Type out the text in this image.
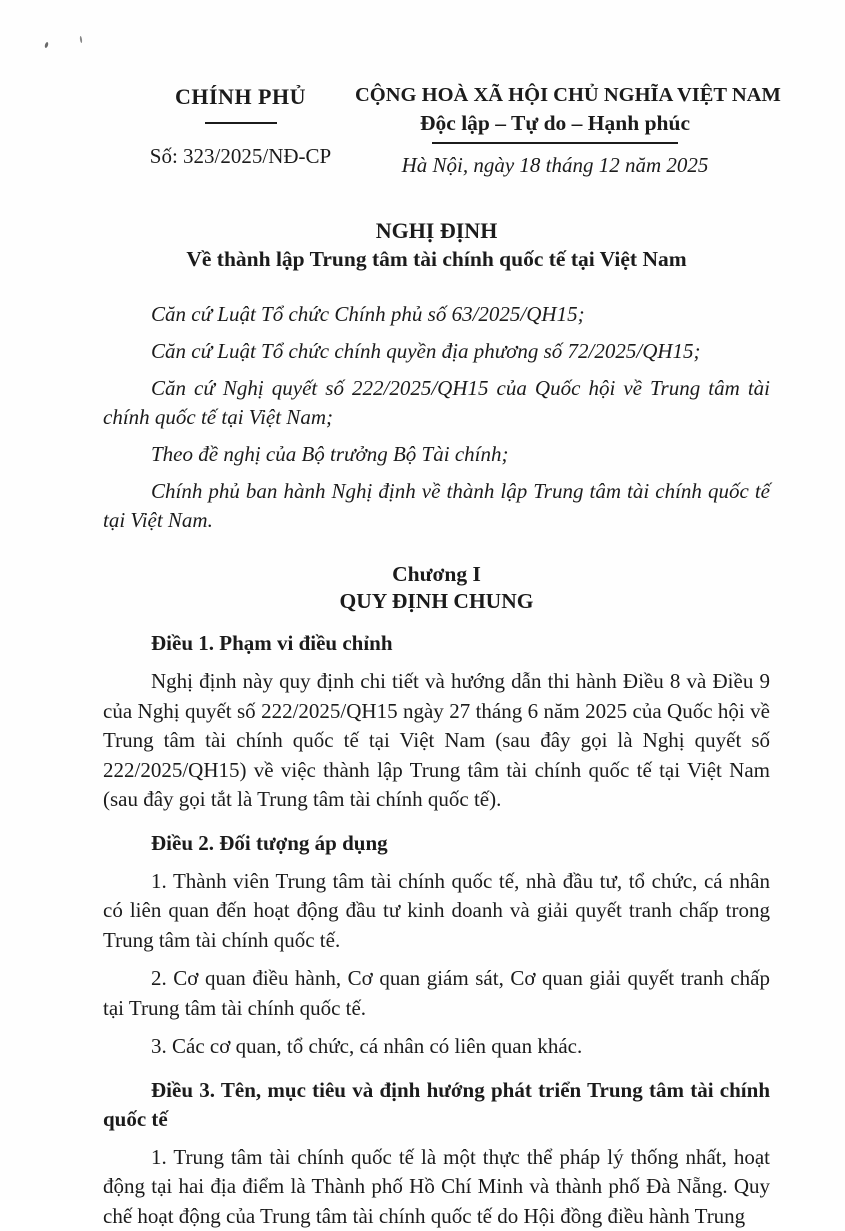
CHÍNH PHỦ
Số: 323/2025/NĐ-CP
CỘNG HOÀ XÃ HỘI CHỦ NGHĨA VIỆT NAM
Độc lập – Tự do – Hạnh phúc
Hà Nội, ngày 18 tháng 12 năm 2025
NGHỊ ĐỊNH
Về thành lập Trung tâm tài chính quốc tế tại Việt Nam

Căn cứ Luật Tổ chức Chính phủ số 63/2025/QH15;

Căn cứ Luật Tổ chức chính quyền địa phương số 72/2025/QH15;

Căn cứ Nghị quyết số 222/2025/QH15 của Quốc hội về Trung tâm tài chính quốc tế tại Việt Nam;

Theo đề nghị của Bộ trưởng Bộ Tài chính;

Chính phủ ban hành Nghị định về thành lập Trung tâm tài chính quốc tế tại Việt Nam.

Chương I
QUY ĐỊNH CHUNG
Điều 1. Phạm vi điều chỉnh

Nghị định này quy định chi tiết và hướng dẫn thi hành Điều 8 và Điều 9 của Nghị quyết số 222/2025/QH15 ngày 27 tháng 6 năm 2025 của Quốc hội về Trung tâm tài chính quốc tế tại Việt Nam (sau đây gọi là Nghị quyết số 222/2025/QH15) về việc thành lập Trung tâm tài chính quốc tế tại Việt Nam (sau đây gọi tắt là Trung tâm tài chính quốc tế).

Điều 2. Đối tượng áp dụng

1. Thành viên Trung tâm tài chính quốc tế, nhà đầu tư, tổ chức, cá nhân có liên quan đến hoạt động đầu tư kinh doanh và giải quyết tranh chấp trong Trung tâm tài chính quốc tế.

2. Cơ quan điều hành, Cơ quan giám sát, Cơ quan giải quyết tranh chấp tại Trung tâm tài chính quốc tế.

3. Các cơ quan, tổ chức, cá nhân có liên quan khác.

Điều 3. Tên, mục tiêu và định hướng phát triển Trung tâm tài chính quốc tế

1. Trung tâm tài chính quốc tế là một thực thể pháp lý thống nhất, hoạt động tại hai địa điểm là Thành phố Hồ Chí Minh và thành phố Đà Nẵng. Quy chế hoạt động của Trung tâm tài chính quốc tế do Hội đồng điều hành Trung
